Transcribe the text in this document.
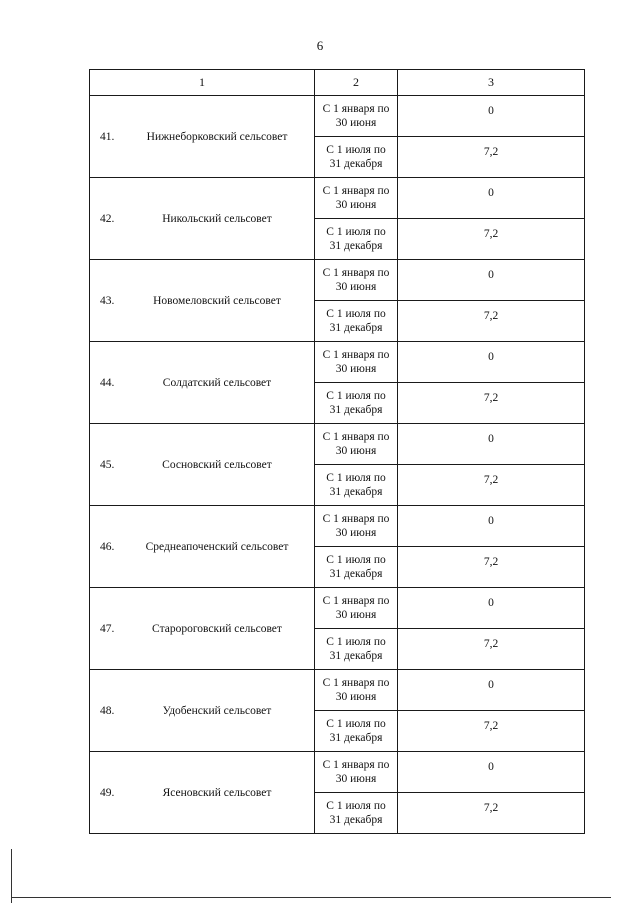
6
1	2	3
41. Нижнеборковский сельсовет	С 1 января по
30 июня	0

	С 1 июля по
31 декабря	7,2
42. Никольский сельсовет	С 1 января по
30 июня	0

	С 1 июля по
31 декабря	7,2
43. Новомеловский сельсовет	С 1 января по
30 июня	0

	С 1 июля по
31 декабря	7,2
44. Солдатский сельсовет	С 1 января по
30 июня	0

	С 1 июля по
31 декабря	7,2
45. Сосновский сельсовет	С 1 января по
30 июня	0

	С 1 июля по
31 декабря	7,2
46. Среднеапоченский сельсовет	С 1 января по
30 июня	0

	С 1 июля по
31 декабря	7,2
47. Старороговский сельсовет	С 1 января по
30 июня	0

	С 1 июля по
31 декабря	7,2
48. Удобенский сельсовет	С 1 января по
30 июня	0

	С 1 июля по
31 декабря	7,2
49. Ясеновский сельсовет	С 1 января по
30 июня	0

	С 1 июля по
31 декабря	7,2
